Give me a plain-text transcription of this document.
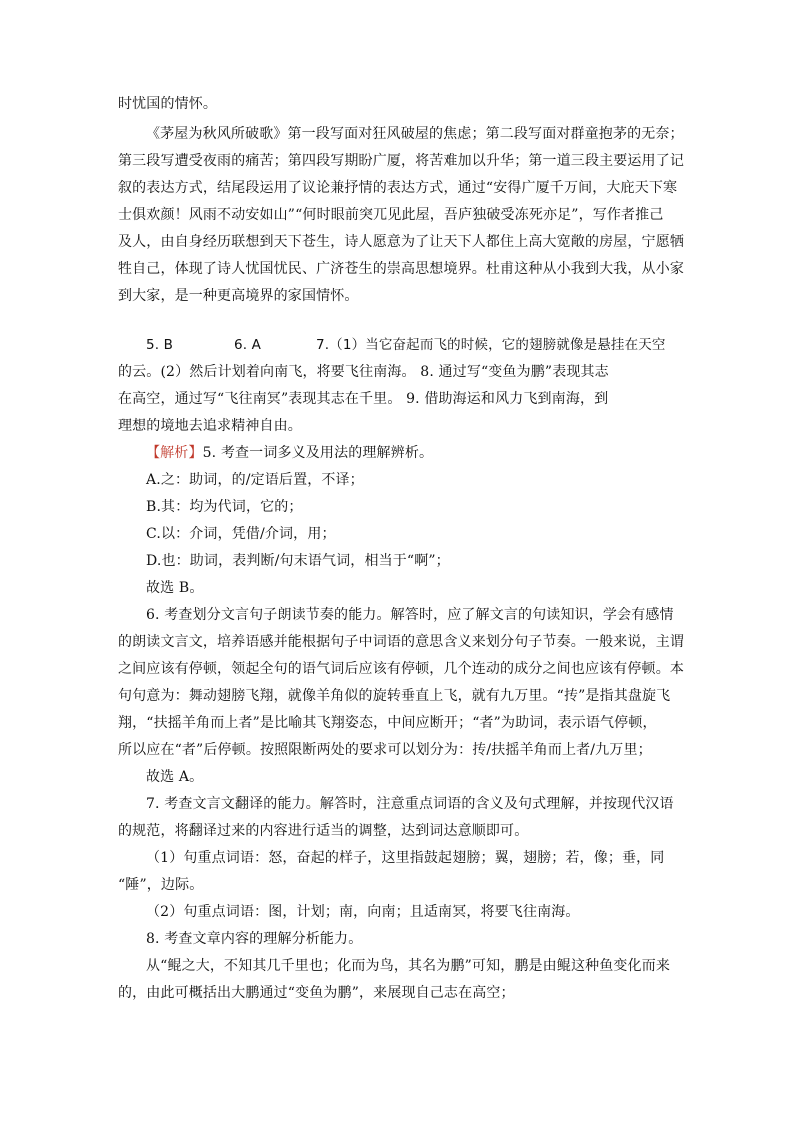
时忧国的情怀。
《茅屋为秋风所破歌》第一段写面对狂风破屋的焦虑；第二段写面对群童抱茅的无奈；
第三段写遭受夜雨的痛苦；第四段写期盼广厦，将苦难加以升华；第一道三段主要运用了记
叙的表达方式，结尾段运用了议论兼抒情的表达方式，通过“安得广厦千万间，大庇天下寒
士俱欢颜！风雨不动安如山”“何时眼前突兀见此屋，吾庐独破受冻死亦足”，写作者推己
及人，由自身经历联想到天下苍生，诗人愿意为了让天下人都住上高大宽敞的房屋，宁愿牺
牲自己，体现了诗人忧国忧民、广济苍生的崇高思想境界。杜甫这种从小我到大我，从小家
到大家，是一种更高境界的家国情怀。
5. B	6. A	7.（1）当它奋起而飞的时候，它的翅膀就像是悬挂在天空
的云。(2）然后计划着向南飞，将要飞往南海。 8. 通过写“变鱼为鹏”表现其志
在高空，通过写“飞往南冥”表现其志在千里。 9. 借助海运和风力飞到南海，到
理想的境地去追求精神自由。
【解析】5. 考查一词多义及用法的理解辨析。
A.之：助词，的/定语后置，不译；
B.其：均为代词，它的；
C.以：介词，凭借/介词，用；
D.也：助词，表判断/句末语气词，相当于“啊”；
故选 B。
6. 考查划分文言句子朗读节奏的能力。解答时，应了解文言的句读知识，学会有感情
的朗读文言文，培养语感并能根据句子中词语的意思含义来划分句子节奏。一般来说，主谓
之间应该有停顿，领起全句的语气词后应该有停顿，几个连动的成分之间也应该有停顿。本
句句意为：舞动翅膀飞翔，就像羊角似的旋转垂直上飞，就有九万里。“抟”是指其盘旋飞
翔，“扶摇羊角而上者”是比喻其飞翔姿态，中间应断开；“者”为助词，表示语气停顿，
所以应在“者”后停顿。按照限断两处的要求可以划分为：抟/扶摇羊角而上者/九万里；
故选 A。
7. 考查文言文翻译的能力。解答时，注意重点词语的含义及句式理解，并按现代汉语
的规范，将翻译过来的内容进行适当的调整，达到词达意顺即可。
（1）句重点词语：怒，奋起的样子，这里指鼓起翅膀；翼，翅膀；若，像；垂，同
“陲”，边际。
（2）句重点词语：图，计划；南，向南；且适南冥，将要飞往南海。
8. 考查文章内容的理解分析能力。
从“鲲之大，不知其几千里也；化而为鸟，其名为鹏”可知，鹏是由鲲这种鱼变化而来
的，由此可概括出大鹏通过“变鱼为鹏”，来展现自己志在高空；
